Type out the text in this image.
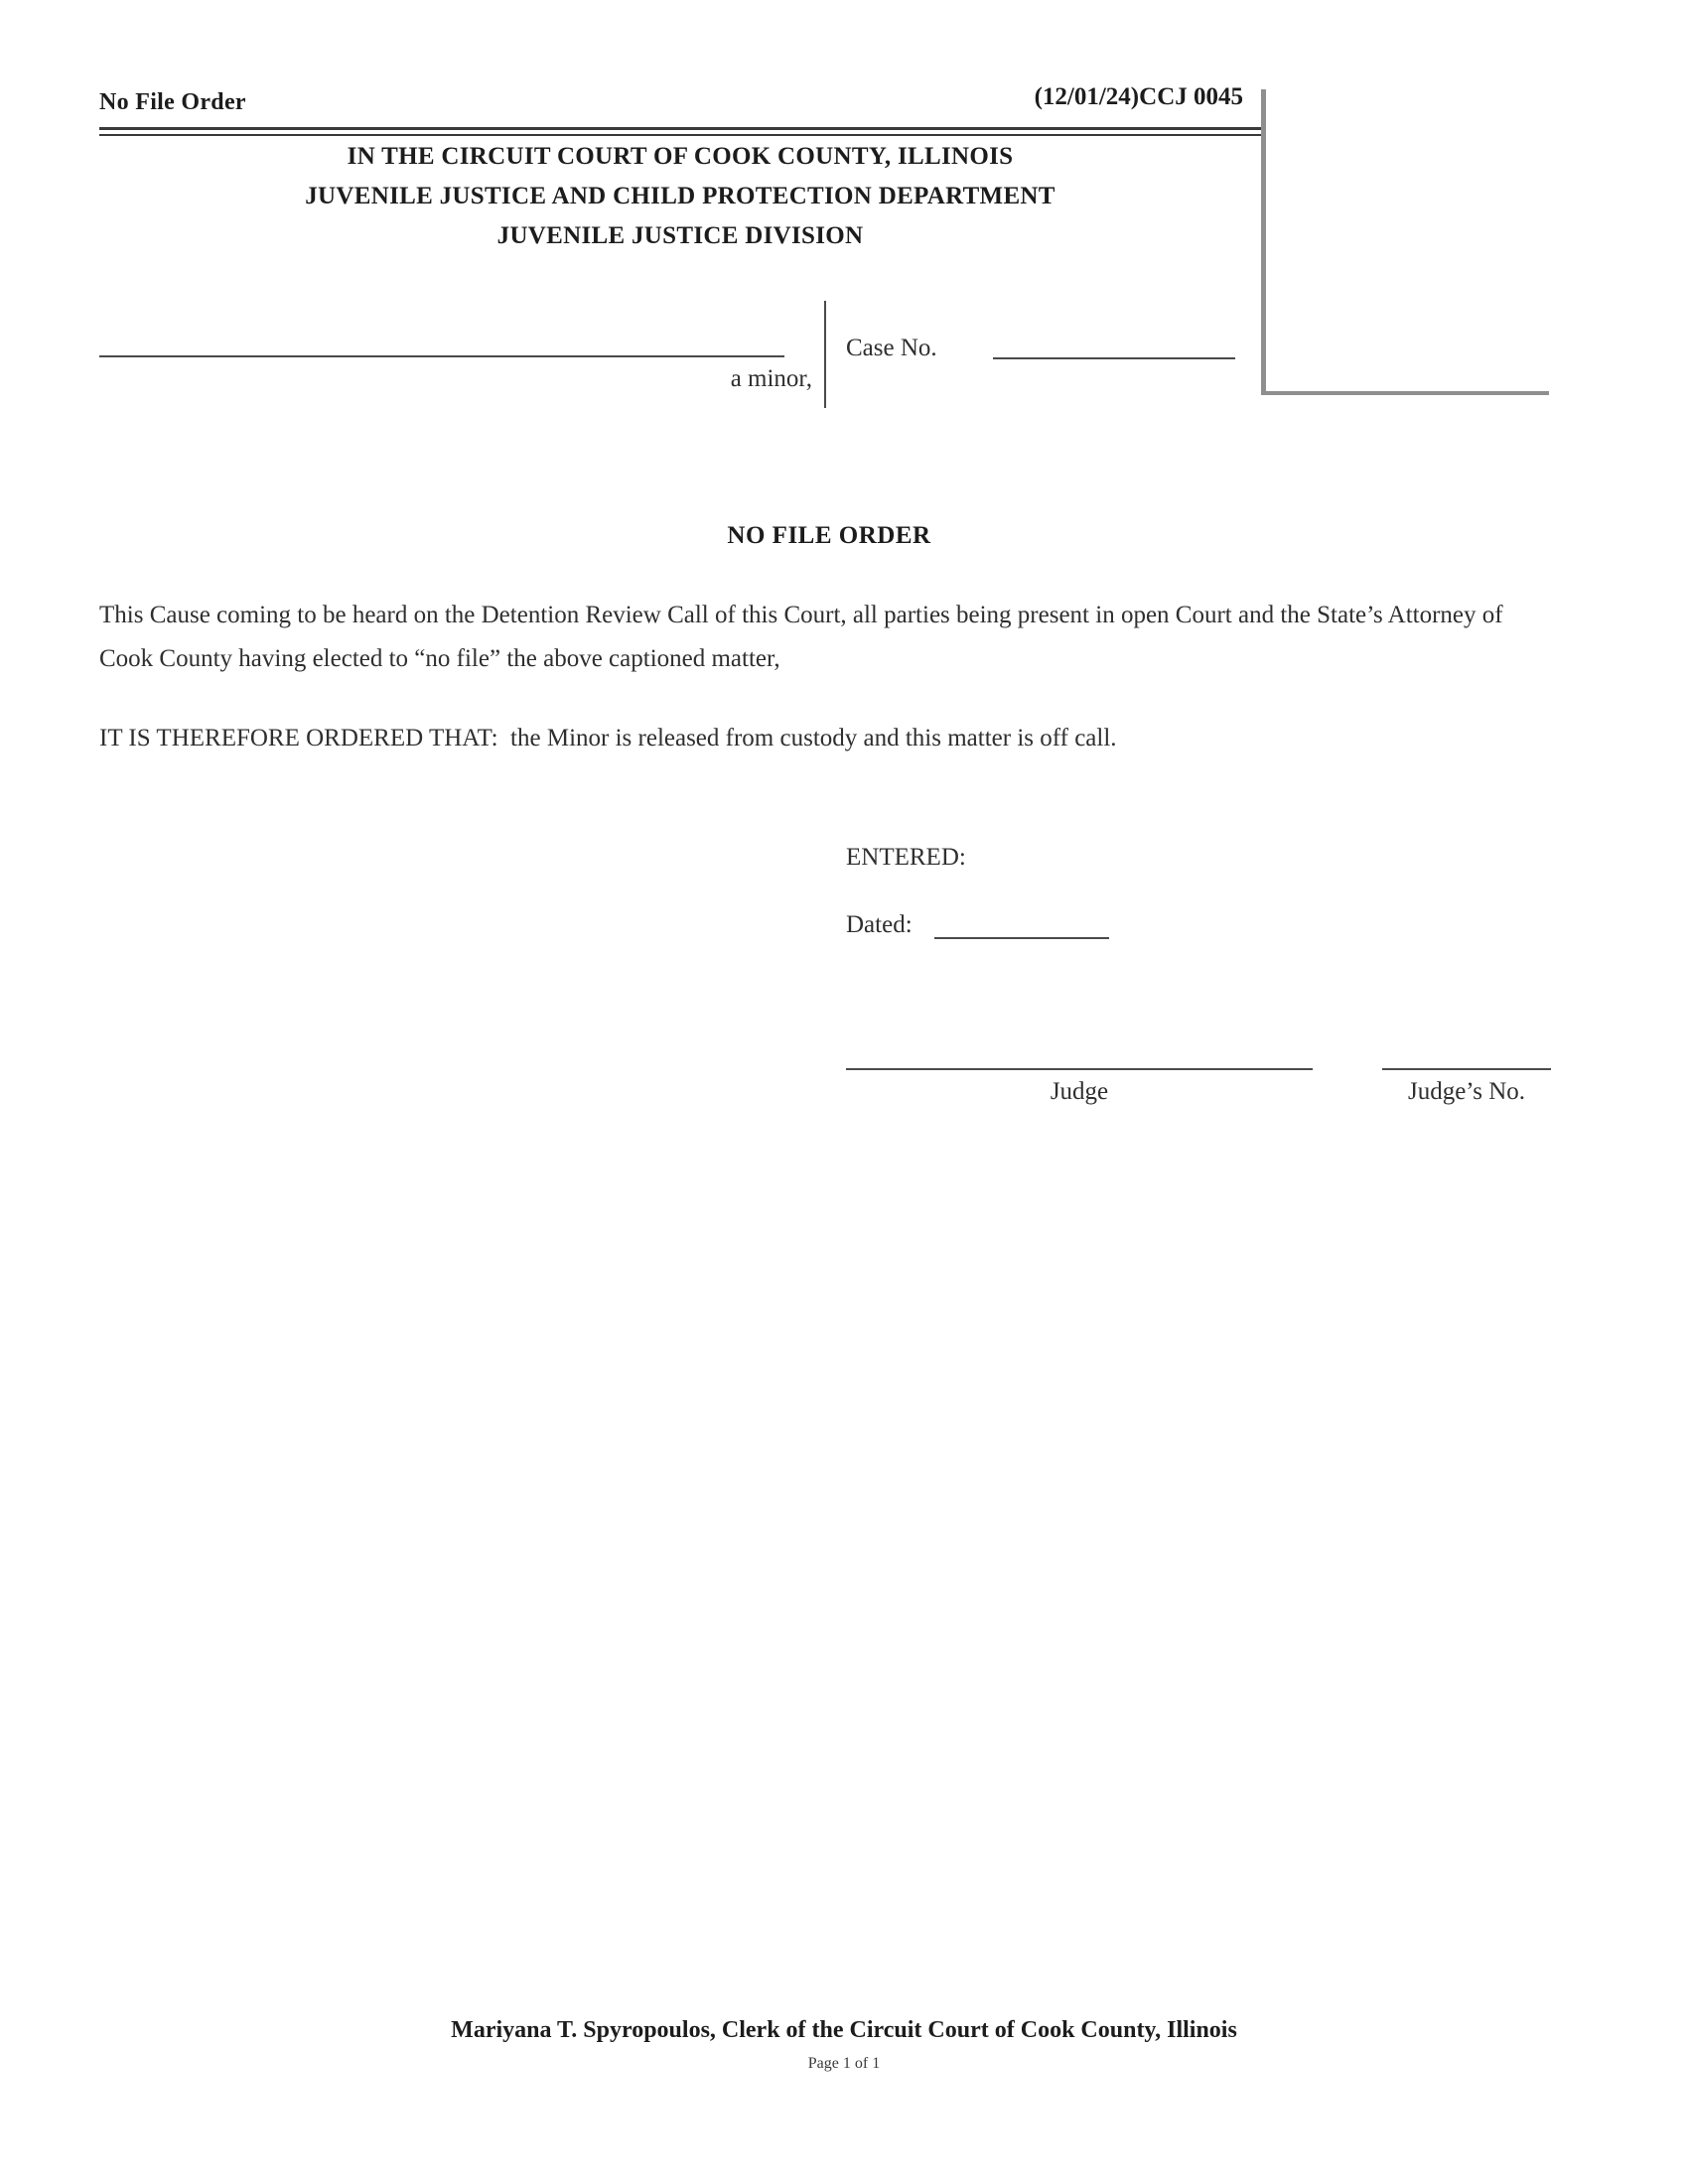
No File Order	(12/01/24)CCJ 0045
IN THE CIRCUIT COURT OF COOK COUNTY, ILLINOIS
JUVENILE JUSTICE AND CHILD PROTECTION DEPARTMENT
JUVENILE JUSTICE DIVISION
a minor,
Case No.
NO FILE ORDER

This Cause coming to be heard on the Detention Review Call of this Court, all parties being present in open Court and the State’s Attorney of Cook County having elected to “no file” the above captioned matter,

IT IS THEREFORE ORDERED THAT:  the Minor is released from custody and this matter is off call.

ENTERED:
Dated:
Judge	Judge’s No.
Mariyana T. Spyropoulos, Clerk of the Circuit Court of Cook County, Illinois
Page 1 of 1
